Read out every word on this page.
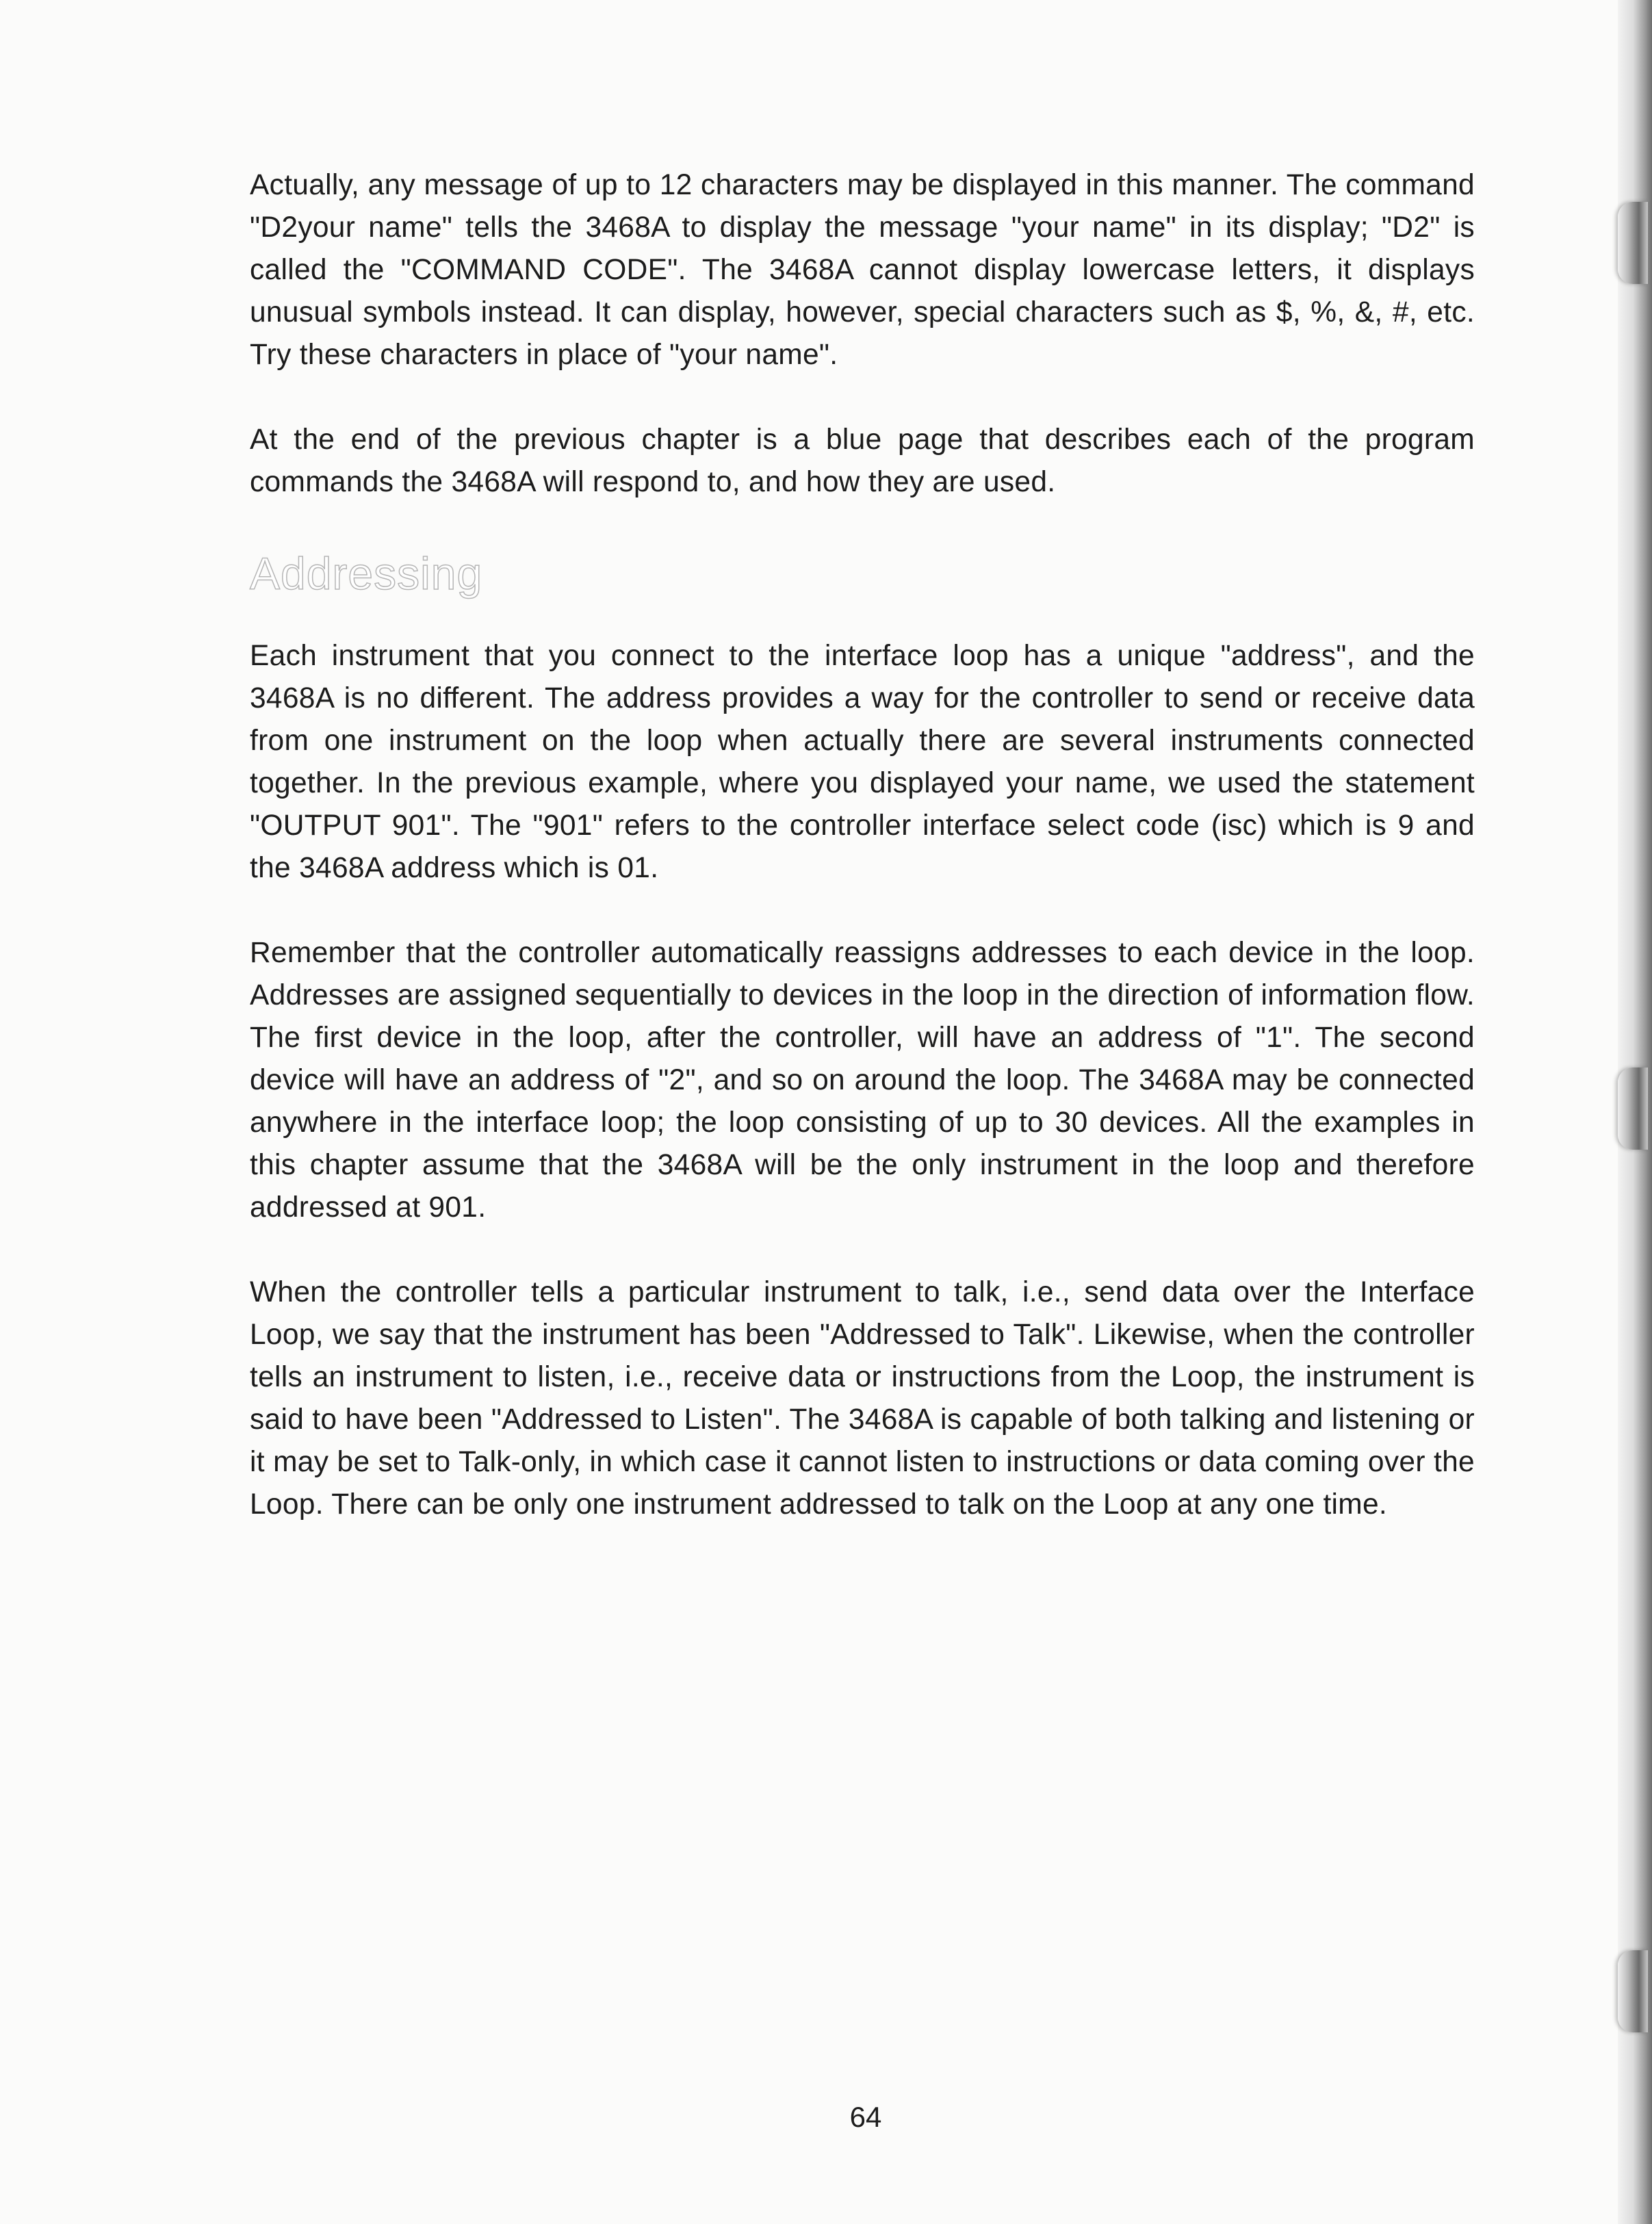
Actually, any message of up to 12 characters may be displayed in this manner. The command "D2your name" tells the 3468A to display the message "your name" in its display; "D2" is called the "COMMAND CODE". The 3468A cannot display lowercase letters, it displays unusual symbols instead. It can display, however, special characters such as $, %, &, #, etc. Try these characters in place of "your name".

At the end of the previous chapter is a blue page that describes each of the program commands the 3468A will respond to, and how they are used.

Addressing

Each instrument that you connect to the interface loop has a unique "address", and the 3468A is no different. The address provides a way for the controller to send or receive data from one instrument on the loop when actually there are several instruments connected together. In the previous example, where you displayed your name, we used the statement "OUTPUT 901". The "901" refers to the controller interface select code (isc) which is 9 and the 3468A address which is 01.

Remember that the controller automatically reassigns addresses to each device in the loop. Addresses are assigned sequentially to devices in the loop in the direction of information flow. The first device in the loop, after the controller, will have an address of "1". The second device will have an address of "2", and so on around the loop. The 3468A may be connected anywhere in the interface loop; the loop consisting of up to 30 devices. All the examples in this chapter assume that the 3468A will be the only instrument in the loop and therefore addressed at 901.

When the controller tells a particular instrument to talk, i.e., send data over the Interface Loop, we say that the instrument has been "Addressed to Talk". Likewise, when the controller tells an instrument to listen, i.e., receive data or instructions from the Loop, the instrument is said to have been "Addressed to Listen". The 3468A is capable of both talking and listening or it may be set to Talk-only, in which case it cannot listen to instructions or data coming over the Loop. There can be only one instrument addressed to talk on the Loop at any one time.

64
